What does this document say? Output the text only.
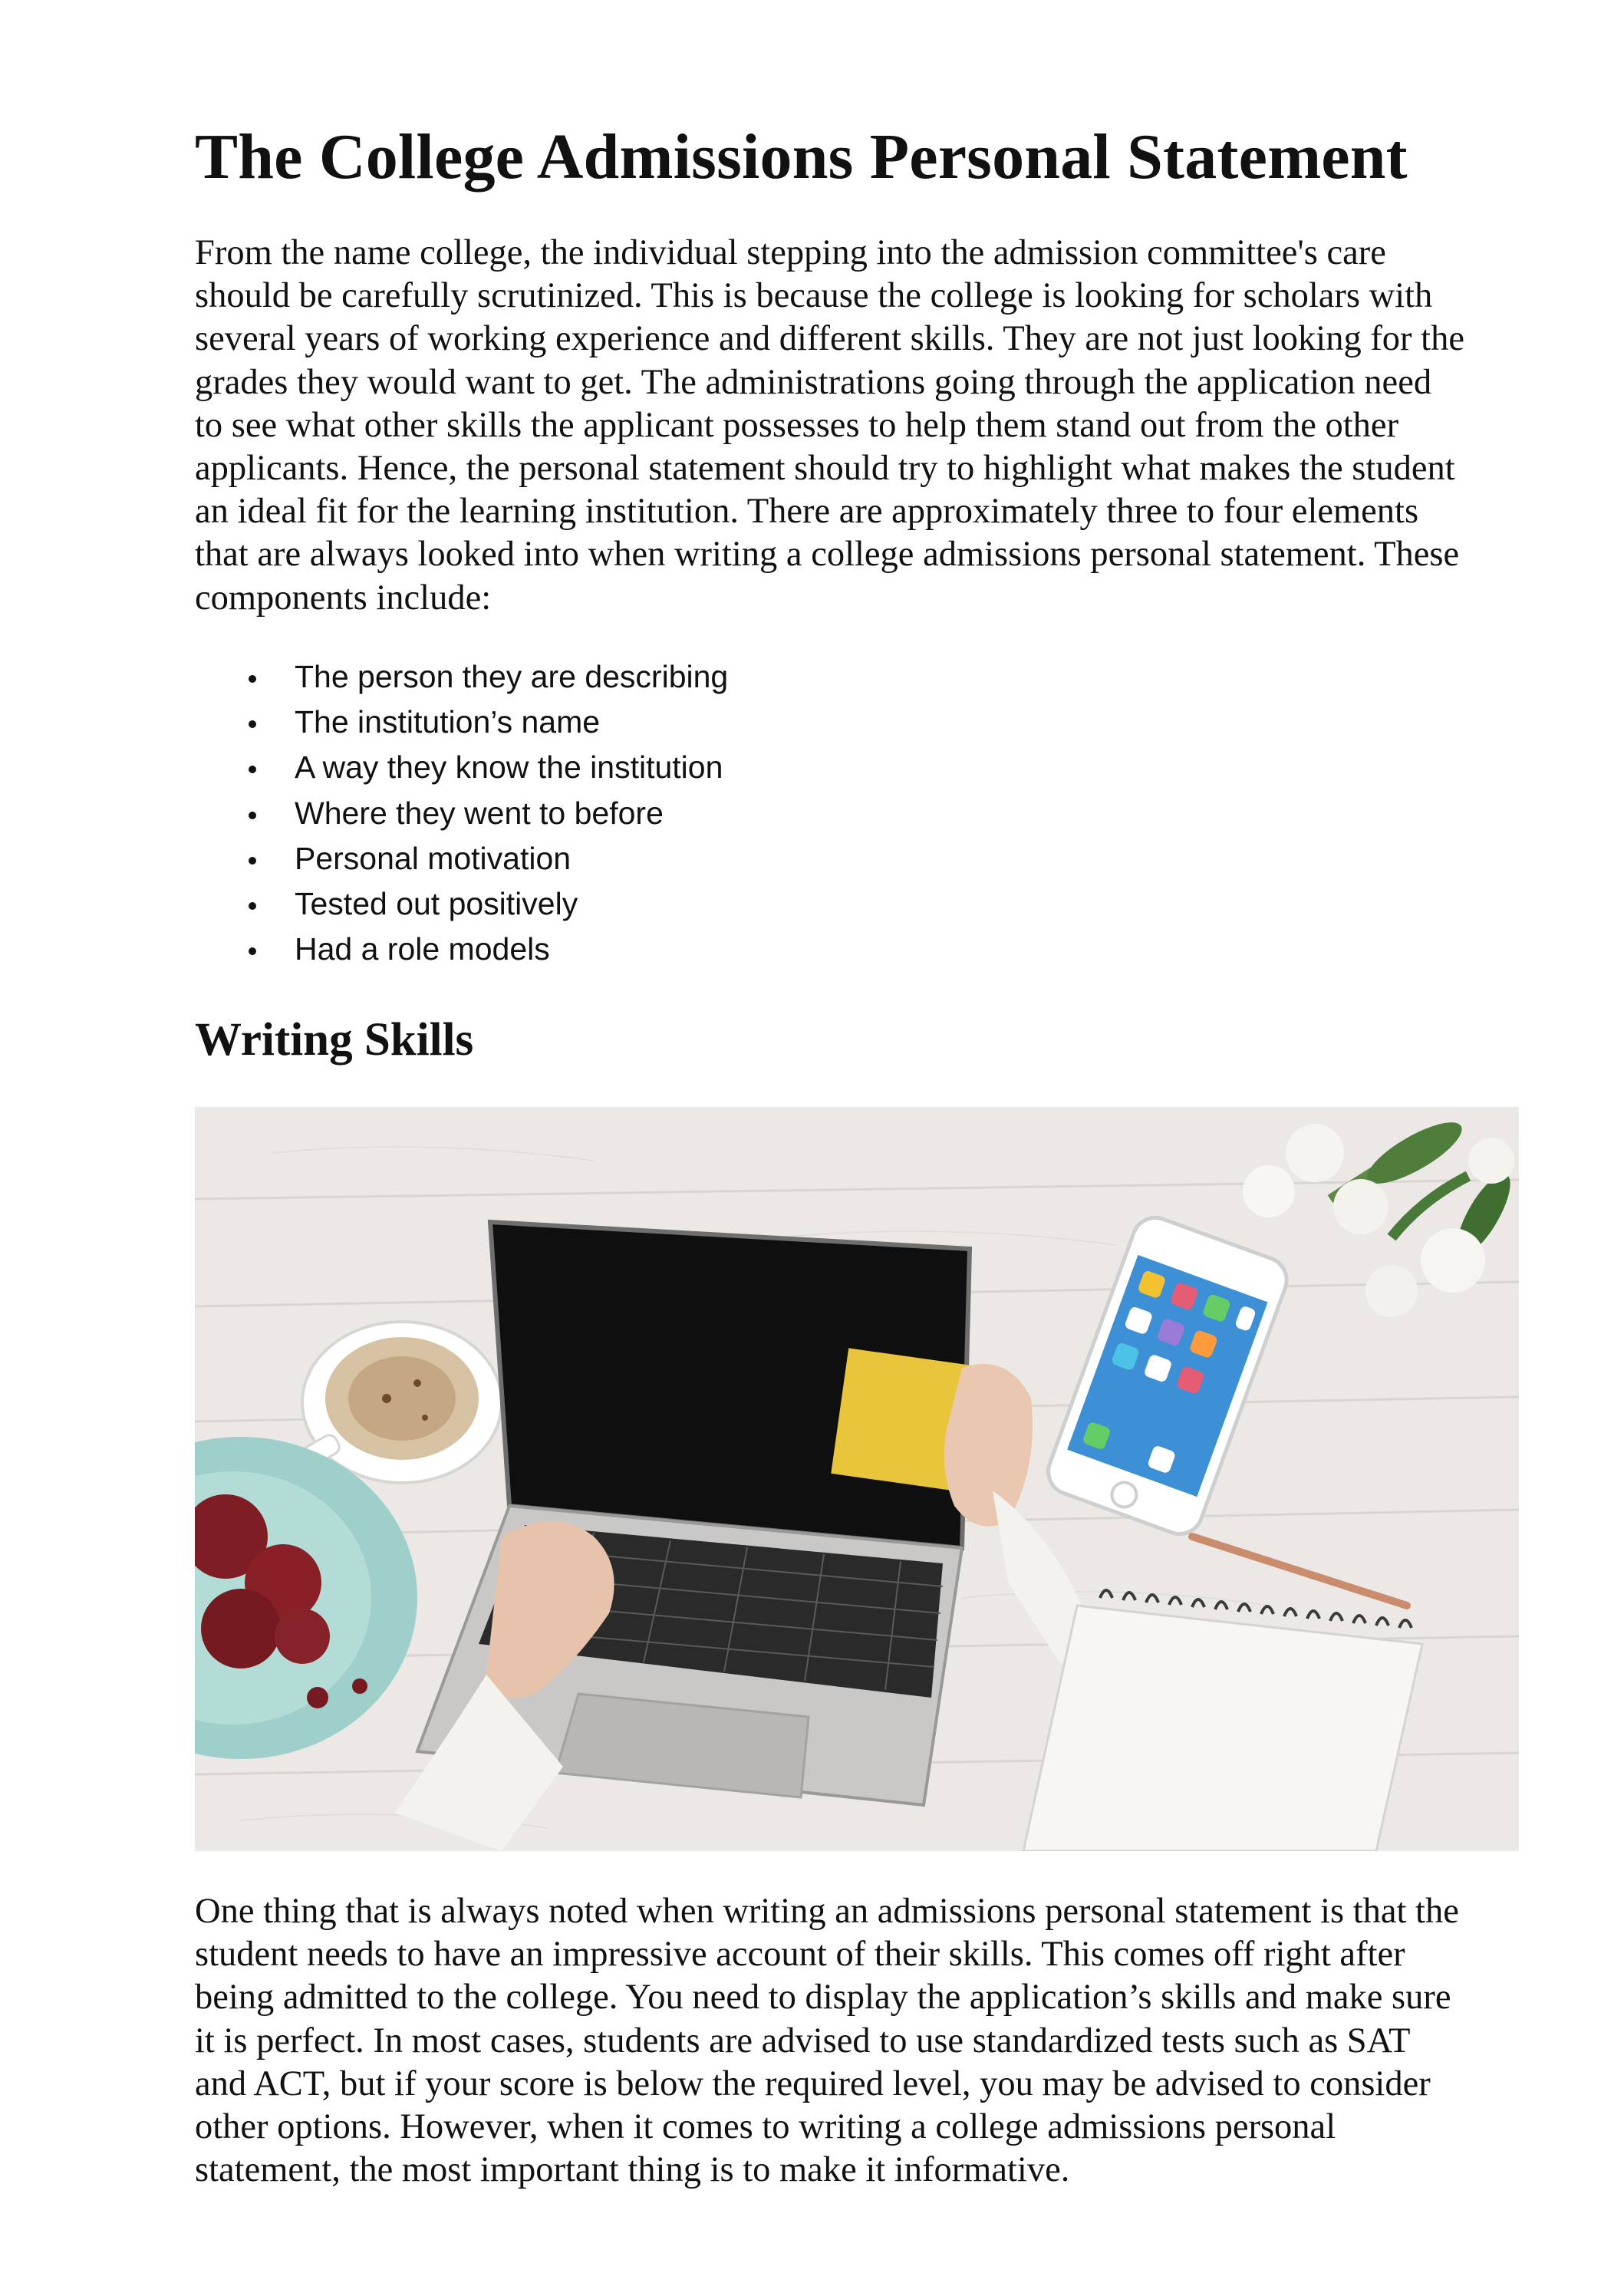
The College Admissions Personal Statement

From the name college, the individual stepping into the admission committee's care
should be carefully scrutinized. This is because the college is looking for scholars with
several years of working experience and different skills. They are not just looking for the
grades they would want to get. The administrations going through the application need
to see what other skills the applicant possesses to help them stand out from the other
applicants. Hence, the personal statement should try to highlight what makes the student
an ideal fit for the learning institution. There are approximately three to four elements
that are always looked into when writing a college admissions personal statement. These
components include:

The person they are describing
The institution’s name
A way they know the institution
Where they went to before
Personal motivation
Tested out positively
Had a role models
Writing Skills

One thing that is always noted when writing an admissions personal statement is that the
student needs to have an impressive account of their skills. This comes off right after
being admitted to the college. You need to display the application’s skills and make sure
it is perfect. In most cases, students are advised to use standardized tests such as SAT
and ACT, but if your score is below the required level, you may be advised to consider
other options. However, when it comes to writing a college admissions personal
statement, the most important thing is to make it informative.
